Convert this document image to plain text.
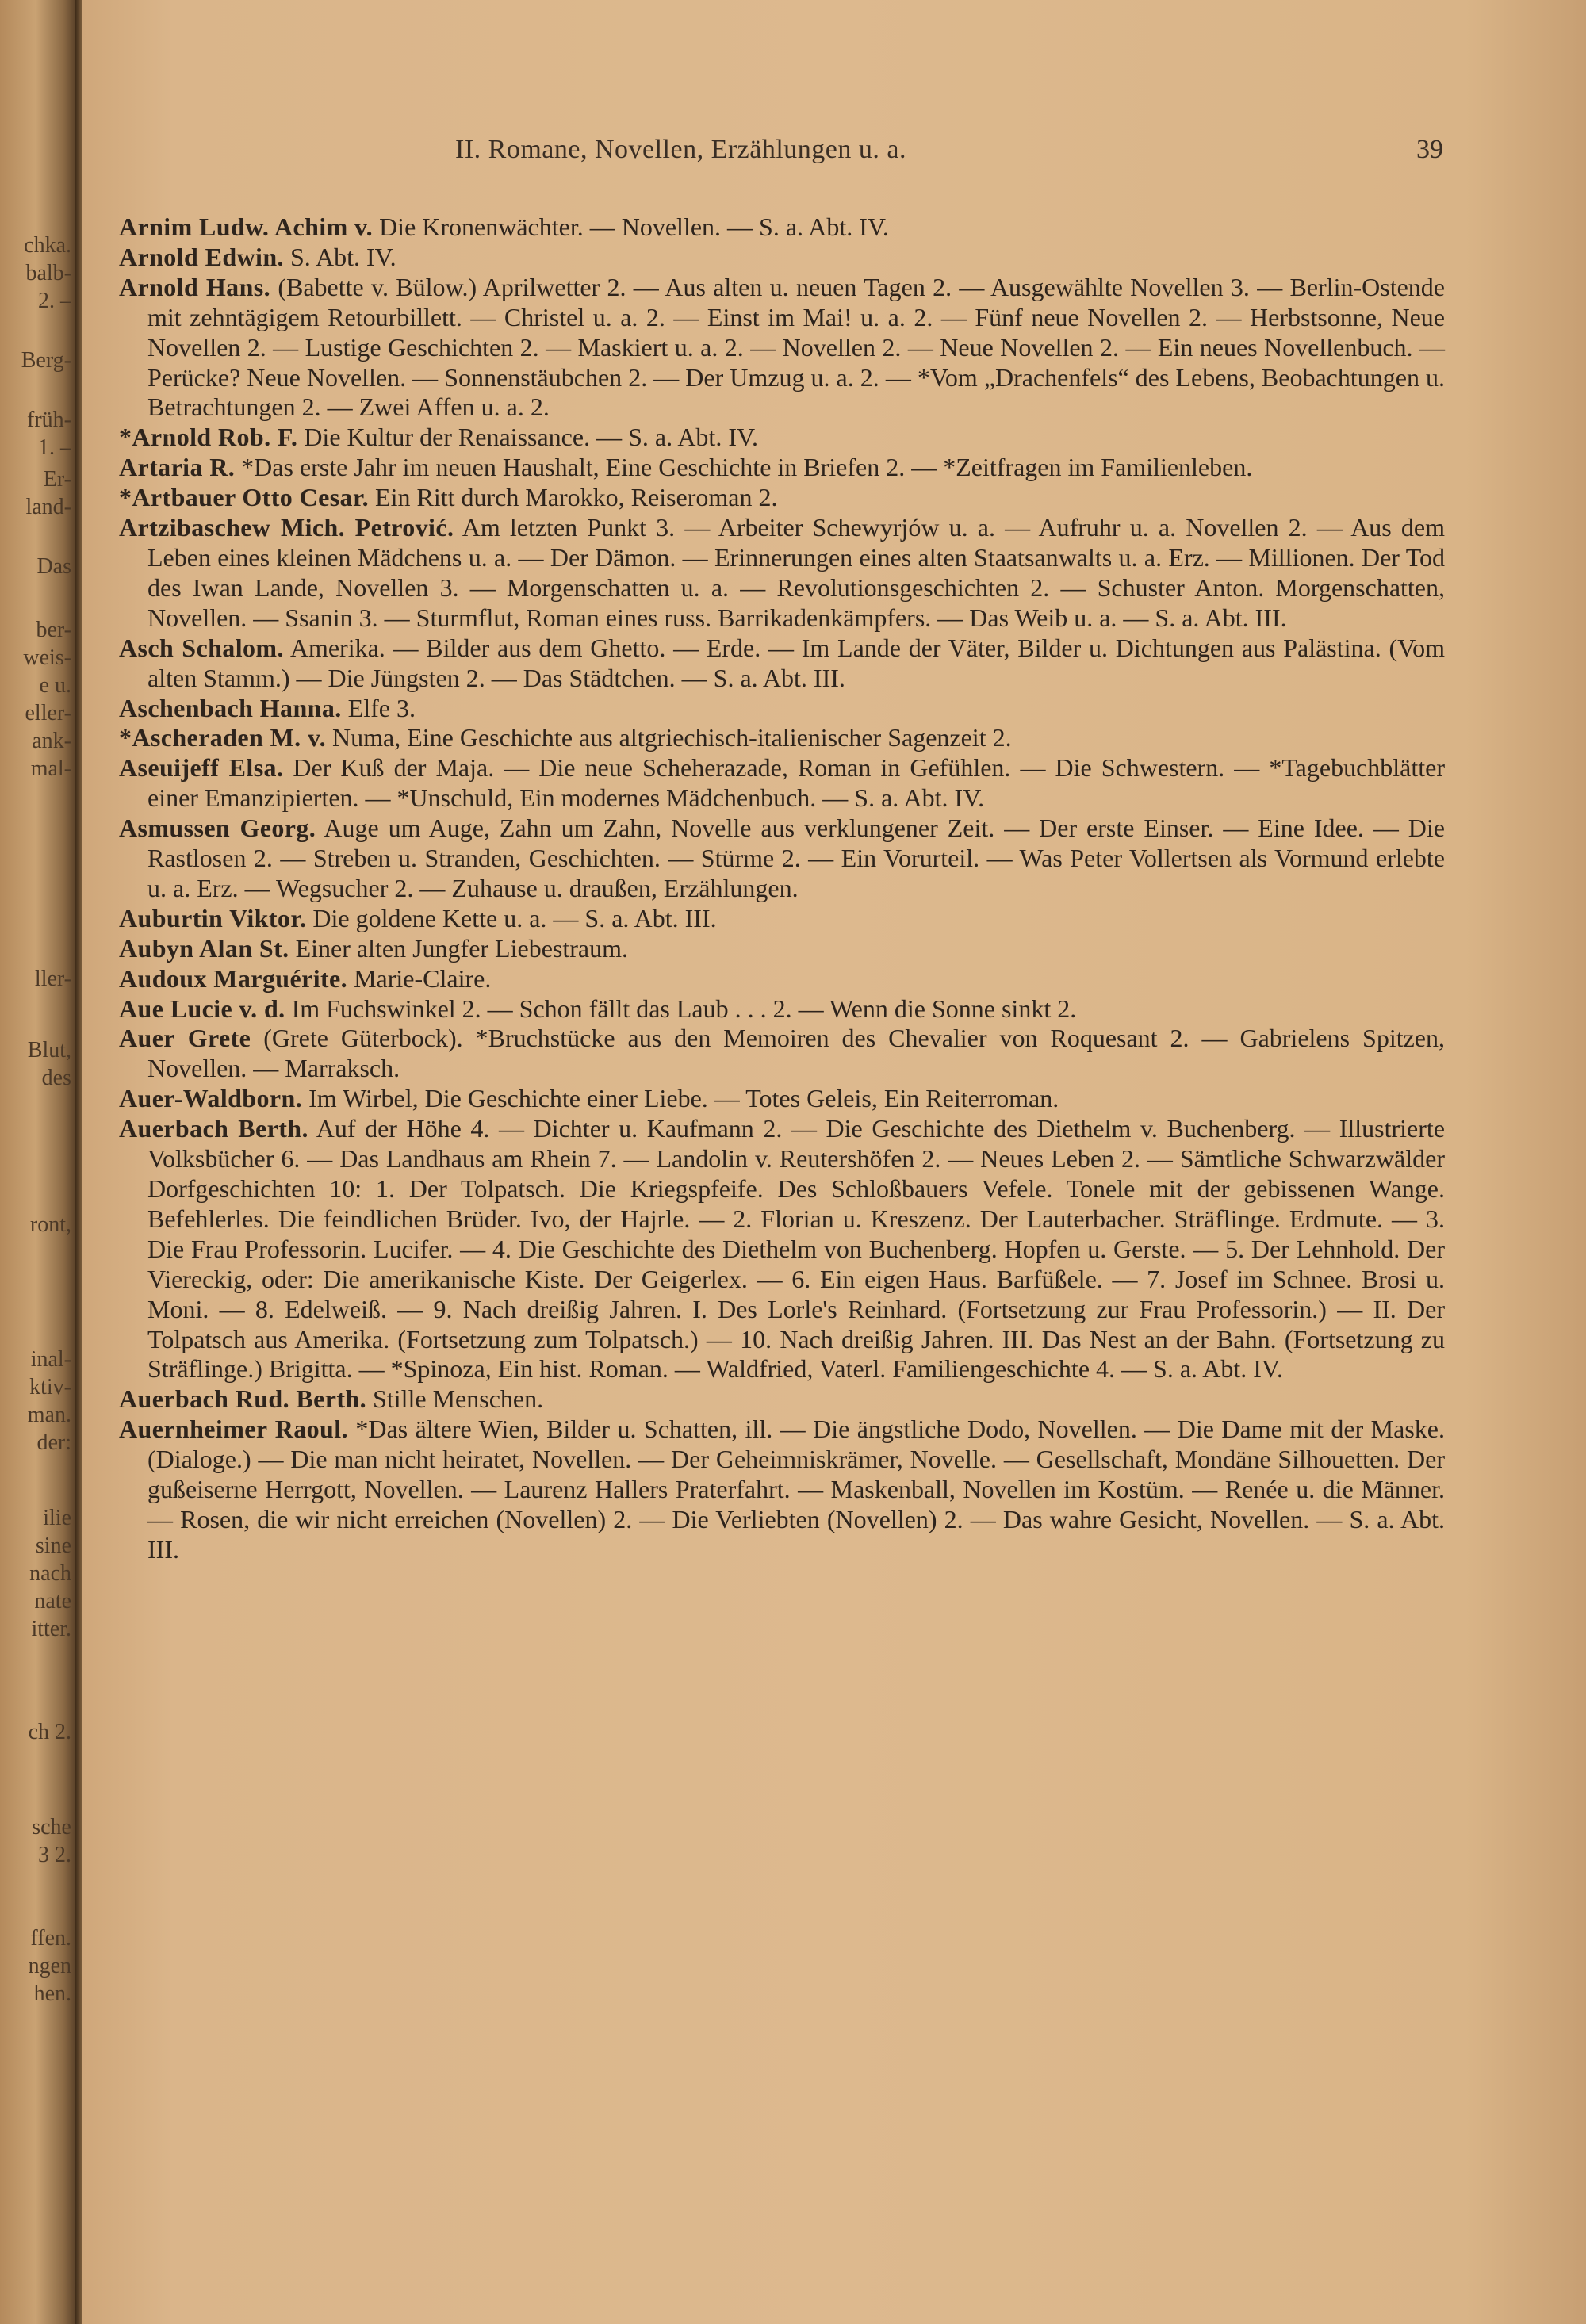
chka.
balb-
2. –
Berg-
früh-
1. –
Er-
land-
Das
ber-
weis-
e u.
eller-
ank-
mal-
ller-
Blut,
des
ront,
inal-
ktiv-
man.
der:
ilie
sine
nach
nate
itter.
ch 2.
sche
3 2.
ffen.
ngen
hen.
II. Romane, Novellen, Erzählungen u. a.	39

Arnim Ludw. Achim v. Die Kronenwächter. — Novellen. — S. a. Abt. IV.

Arnold Edwin. S. Abt. IV.

Arnold Hans. (Babette v. Bülow.) Aprilwetter 2. — Aus alten u. neuen Tagen 2. — Ausgewählte Novellen 3. — Berlin-Ostende mit zehntägigem Retourbillett. — Christel u. a. 2. — Einst im Mai! u. a. 2. — Fünf neue Novellen 2. — Herbstsonne, Neue Novellen 2. — Lustige Geschichten 2. — Maskiert u. a. 2. — Novellen 2. — Neue Novellen 2. — Ein neues Novellenbuch. — Perücke? Neue Novellen. — Sonnenstäubchen 2. — Der Umzug u. a. 2. — *Vom „Drachenfels“ des Lebens, Beobachtungen u. Betrachtungen 2. — Zwei Affen u. a. 2.

*Arnold Rob. F. Die Kultur der Renaissance. — S. a. Abt. IV.

Artaria R. *Das erste Jahr im neuen Haushalt, Eine Geschichte in Briefen 2. — *Zeitfragen im Familienleben.

*Artbauer Otto Cesar. Ein Ritt durch Marokko, Reiseroman 2.

Artzibaschew Mich. Petrović. Am letzten Punkt 3. — Arbeiter Schewyrjów u. a. — Aufruhr u. a. Novellen 2. — Aus dem Leben eines kleinen Mädchens u. a. — Der Dämon. — Erinnerungen eines alten Staatsanwalts u. a. Erz. — Millionen. Der Tod des Iwan Lande, Novellen 3. — Morgenschatten u. a. — Revolutionsgeschichten 2. — Schuster Anton. Morgenschatten, Novellen. — Ssanin 3. — Sturmflut, Roman eines russ. Barrikadenkämpfers. — Das Weib u. a. — S. a. Abt. III.

Asch Schalom. Amerika. — Bilder aus dem Ghetto. — Erde. — Im Lande der Väter, Bilder u. Dichtungen aus Palästina. (Vom alten Stamm.) — Die Jüngsten 2. — Das Städtchen. — S. a. Abt. III.

Aschenbach Hanna. Elfe 3.

*Ascheraden M. v. Numa, Eine Geschichte aus altgriechisch-italienischer Sagenzeit 2.

Aseuijeff Elsa. Der Kuß der Maja. — Die neue Scheherazade, Roman in Gefühlen. — Die Schwestern. — *Tagebuchblätter einer Emanzipierten. — *Unschuld, Ein modernes Mädchenbuch. — S. a. Abt. IV.

Asmussen Georg. Auge um Auge, Zahn um Zahn, Novelle aus verklungener Zeit. — Der erste Einser. — Eine Idee. — Die Rastlosen 2. — Streben u. Stranden, Geschichten. — Stürme 2. — Ein Vorurteil. — Was Peter Vollertsen als Vormund erlebte u. a. Erz. — Wegsucher 2. — Zuhause u. draußen, Erzählungen.

Auburtin Viktor. Die goldene Kette u. a. — S. a. Abt. III.

Aubyn Alan St. Einer alten Jungfer Liebestraum.

Audoux Marguérite. Marie-Claire.

Aue Lucie v. d. Im Fuchswinkel 2. — Schon fällt das Laub . . . 2. — Wenn die Sonne sinkt 2.

Auer Grete (Grete Güterbock). *Bruchstücke aus den Memoiren des Chevalier von Roquesant 2. — Gabrielens Spitzen, Novellen. — Marraksch.

Auer-Waldborn. Im Wirbel, Die Geschichte einer Liebe. — Totes Geleis, Ein Reiterroman.

Auerbach Berth. Auf der Höhe 4. — Dichter u. Kaufmann 2. — Die Geschichte des Diethelm v. Buchenberg. — Illustrierte Volksbücher 6. — Das Landhaus am Rhein 7. — Landolin v. Reutershöfen 2. — Neues Leben 2. — Sämtliche Schwarzwälder Dorfgeschichten 10: 1. Der Tolpatsch. Die Kriegspfeife. Des Schloßbauers Vefele. Tonele mit der gebissenen Wange. Befehlerles. Die feindlichen Brüder. Ivo, der Hajrle. — 2. Florian u. Kreszenz. Der Lauterbacher. Sträflinge. Erdmute. — 3. Die Frau Professorin. Lucifer. — 4. Die Geschichte des Diethelm von Buchenberg. Hopfen u. Gerste. — 5. Der Lehnhold. Der Viereckig, oder: Die amerikanische Kiste. Der Geigerlex. — 6. Ein eigen Haus. Barfüßele. — 7. Josef im Schnee. Brosi u. Moni. — 8. Edelweiß. — 9. Nach dreißig Jahren. I. Des Lorle's Reinhard. (Fortsetzung zur Frau Professorin.) — II. Der Tolpatsch aus Amerika. (Fortsetzung zum Tolpatsch.) — 10. Nach dreißig Jahren. III. Das Nest an der Bahn. (Fortsetzung zu Sträflinge.) Brigitta. — *Spinoza, Ein hist. Roman. — Waldfried, Vaterl. Familiengeschichte 4. — S. a. Abt. IV.

Auerbach Rud. Berth. Stille Menschen.

Auernheimer Raoul. *Das ältere Wien, Bilder u. Schatten, ill. — Die ängstliche Dodo, Novellen. — Die Dame mit der Maske. (Dialoge.) — Die man nicht heiratet, Novellen. — Der Geheimniskrämer, Novelle. — Gesellschaft, Mondäne Silhouetten. Der gußeiserne Herrgott, Novellen. — Laurenz Hallers Praterfahrt. — Maskenball, Novellen im Kostüm. — Renée u. die Männer. — Rosen, die wir nicht erreichen (Novellen) 2. — Die Verliebten (Novellen) 2. — Das wahre Gesicht, Novellen. — S. a. Abt. III.
